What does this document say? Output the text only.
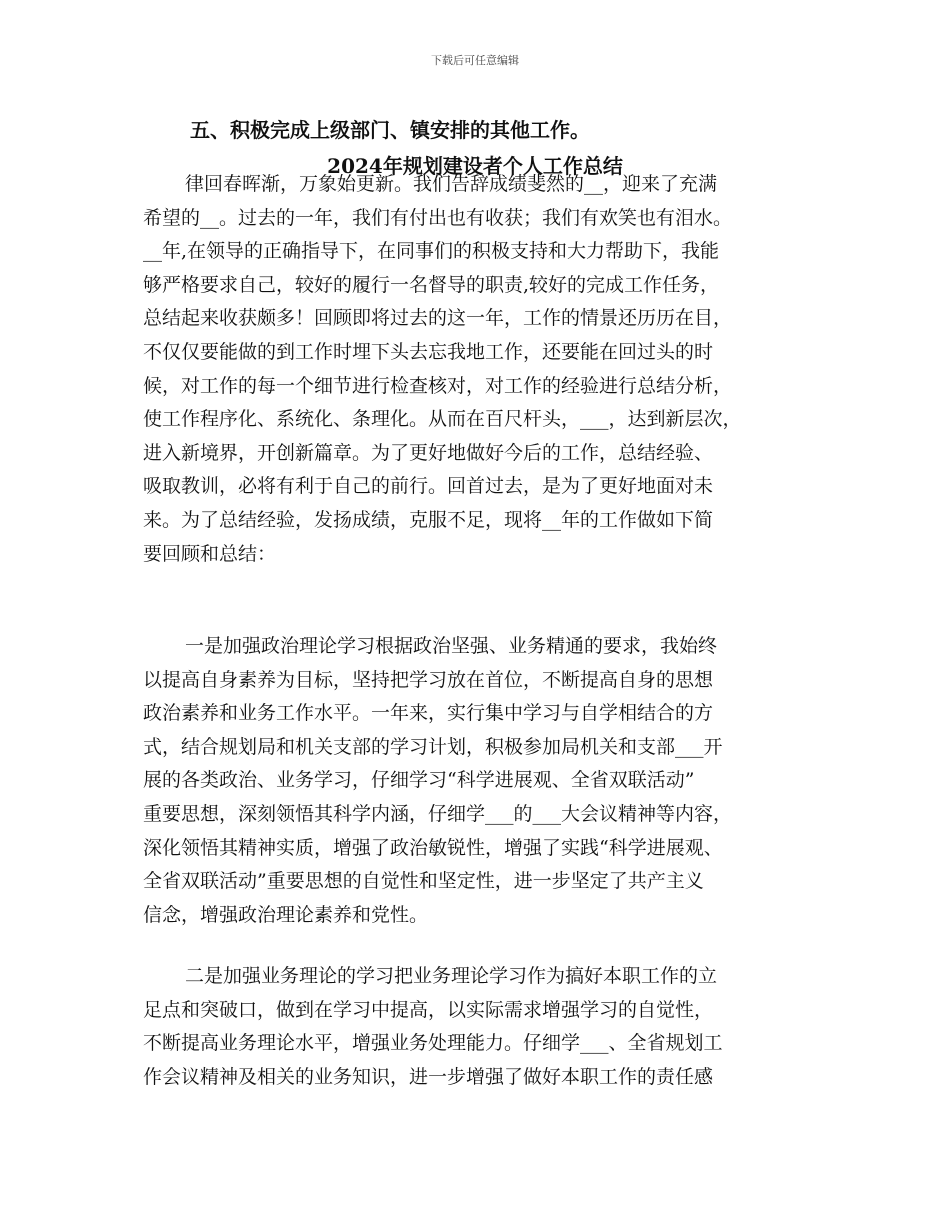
下载后可任意编辑
五、积极完成上级部门、镇安排的其他工作。
2024年规划建设者个人工作总结
律回春晖渐，万象始更新。我们告辞成绩斐然的__，迎来了充满
希望的__。过去的一年，我们有付出也有收获；我们有欢笑也有泪水。
__年,在领导的正确指导下，在同事们的积极支持和大力帮助下，我能
够严格要求自己，较好的履行一名督导的职责,较好的完成工作任务，
总结起来收获颇多！回顾即将过去的这一年，工作的情景还历历在目，
不仅仅要能做的到工作时埋下头去忘我地工作，还要能在回过头的时
候，对工作的每一个细节进行检查核对，对工作的经验进行总结分析，
使工作程序化、系统化、条理化。从而在百尺杆头，___，达到新层次，
进入新境界，开创新篇章。为了更好地做好今后的工作，总结经验、
吸取教训，必将有利于自己的前行。回首过去，是为了更好地面对未
来。为了总结经验，发扬成绩，克服不足，现将__年的工作做如下简
要回顾和总结：
一是加强政治理论学习根据政治坚强、业务精通的要求，我始终
以提高自身素养为目标，坚持把学习放在首位，不断提高自身的思想
政治素养和业务工作水平。一年来，实行集中学习与自学相结合的方
式，结合规划局和机关支部的学习计划，积极参加局机关和支部___开
展的各类政治、业务学习，仔细学习“科学进展观、全省双联活动”
重要思想，深刻领悟其科学内涵，仔细学___的___大会议精神等内容，
深化领悟其精神实质，增强了政治敏锐性，增强了实践“科学进展观、
全省双联活动”重要思想的自觉性和坚定性，进一步坚定了共产主义
信念，增强政治理论素养和党性。
二是加强业务理论的学习把业务理论学习作为搞好本职工作的立
足点和突破口，做到在学习中提高，以实际需求增强学习的自觉性，
不断提高业务理论水平，增强业务处理能力。仔细学___、全省规划工
作会议精神及相关的业务知识，进一步增强了做好本职工作的责任感
